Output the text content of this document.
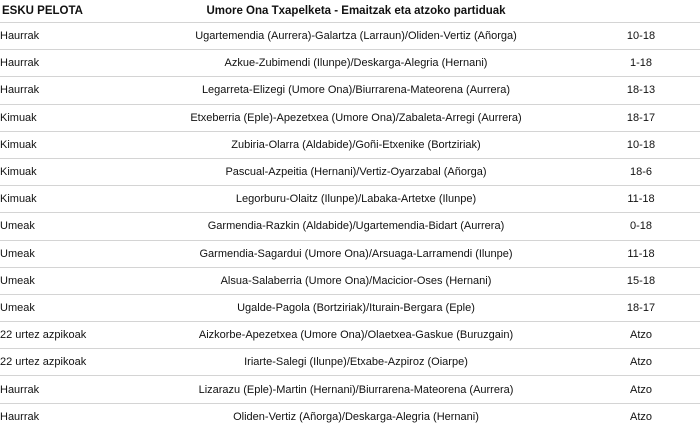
ESKU PELOTA	Umore Ona Txapelketa - Emaitzak eta atzoko partiduak	
Haurrak	Ugartemendia (Aurrera)-Galartza (Larraun)/Oliden-Vertiz (Añorga)	10-18
Haurrak	Azkue-Zubimendi (Ilunpe)/Deskarga-Alegria (Hernani)	1-18
Haurrak	Legarreta-Elizegi (Umore Ona)/Biurrarena-Mateorena (Aurrera)	18-13
Kimuak	Etxeberria (Eple)-Apezetxea (Umore Ona)/Zabaleta-Arregi (Aurrera)	18-17
Kimuak	Zubiria-Olarra (Aldabide)/Goñi-Etxenike (Bortziriak)	10-18
Kimuak	Pascual-Azpeitia (Hernani)/Vertiz-Oyarzabal (Añorga)	18-6
Kimuak	Legorburu-Olaitz (Ilunpe)/Labaka-Artetxe (Ilunpe)	11-18
Umeak	Garmendia-Razkin (Aldabide)/Ugartemendia-Bidart (Aurrera)	0-18
Umeak	Garmendia-Sagardui (Umore Ona)/Arsuaga-Larramendi (Ilunpe)	11-18
Umeak	Alsua-Salaberria (Umore Ona)/Macicior-Oses (Hernani)	15-18
Umeak	Ugalde-Pagola (Bortziriak)/Iturain-Bergara (Eple)	18-17
22 urtez azpikoak	Aizkorbe-Apezetxea (Umore Ona)/Olaetxea-Gaskue (Buruzgain)	Atzo
22 urtez azpikoak	Iriarte-Salegi (Ilunpe)/Etxabe-Azpiroz (Oiarpe)	Atzo
Haurrak	Lizarazu (Eple)-Martin (Hernani)/Biurrarena-Mateorena (Aurrera)	Atzo
Haurrak	Oliden-Vertiz (Añorga)/Deskarga-Alegria (Hernani)	Atzo
